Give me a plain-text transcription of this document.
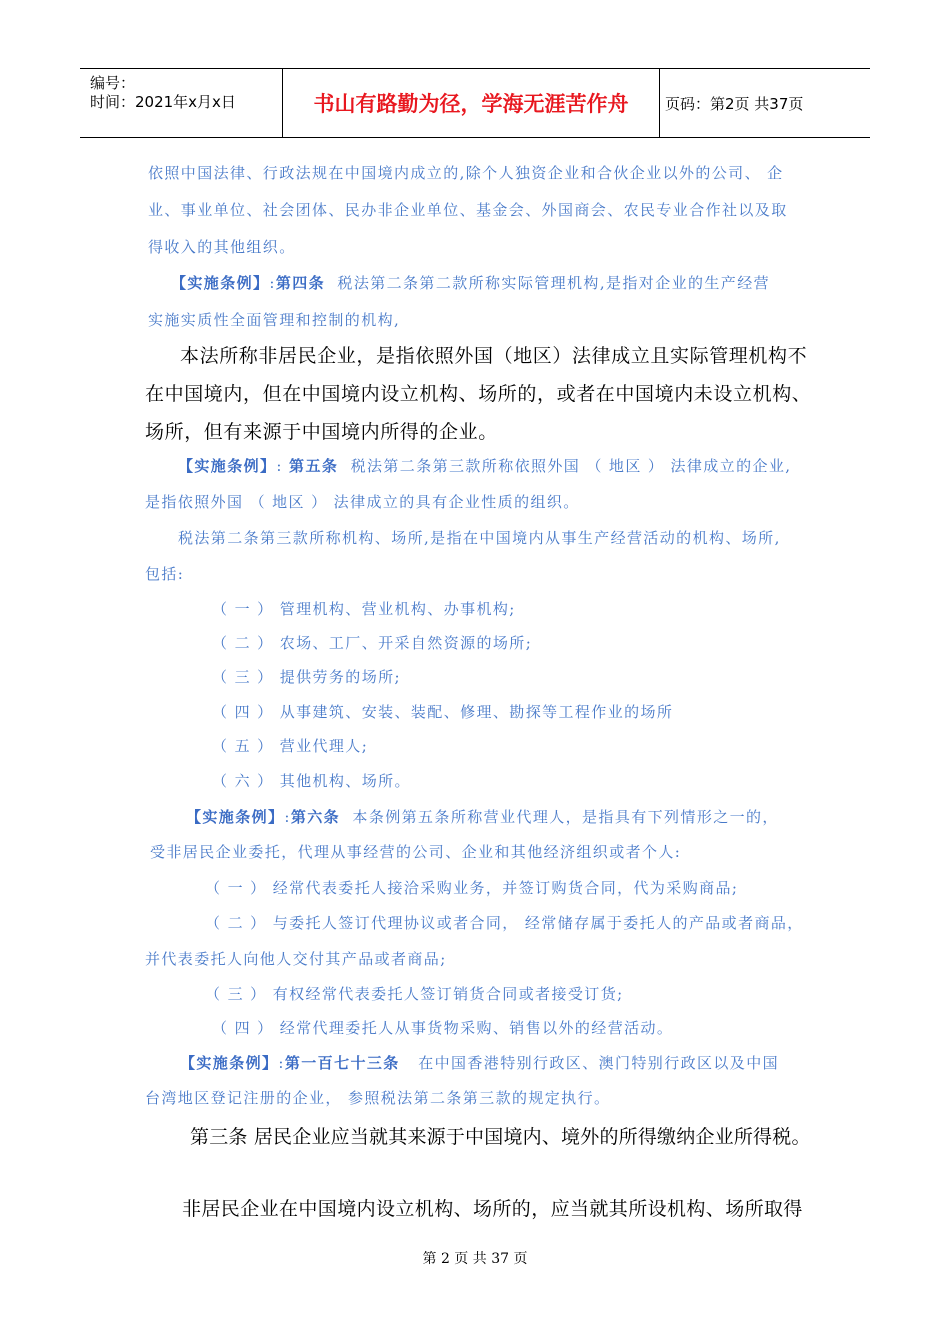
编号：
时间：2021年x月x日	书山有路勤为径，学海无涯苦作舟	页码：第2页 共37页
依照中国法律、行政法规在中国境内成立的,除个人独资企业和合伙企业以外的公司、 企
业、事业单位、社会团体、民办非企业单位、基金会、外国商会、农民专业合作社以及取
得收入的其他组织。
【实施条例】:第四条 税法第二条第二款所称实际管理机构,是指对企业的生产经营
实施实质性全面管理和控制的机构,
本法所称非居民企业，是指依照外国（地区）法律成立且实际管理机构不
在中国境内，但在中国境内设立机构、场所的，或者在中国境内未设立机构、
场所，但有来源于中国境内所得的企业。
【实施条例】: 第五条 税法第二条第三款所称依照外国 （ 地区 ） 法律成立的企业,
是指依照外国 （ 地区 ） 法律成立的具有企业性质的组织。
税法第二条第三款所称机构、场所,是指在中国境内从事生产经营活动的机构、场所,
包括:
（ 一 ） 管理机构、营业机构、办事机构;
（ 二 ） 农场、工厂、开采自然资源的场所;
（ 三 ） 提供劳务的场所;
（ 四 ） 从事建筑、安装、装配、修理、勘探等工程作业的场所
（ 五 ） 营业代理人;
（ 六 ） 其他机构、场所。
【实施条例】:第六条 本条例第五条所称营业代理人，是指具有下列情形之一的，
受非居民企业委托，代理从事经营的公司、企业和其他经济组织或者个人:
（ 一 ） 经常代表委托人接洽采购业务，并签订购货合同，代为采购商品;
（ 二 ） 与委托人签订代理协议或者合同， 经常储存属于委托人的产品或者商品，
并代表委托人向他人交付其产品或者商品;
（ 三 ） 有权经常代表委托人签订销货合同或者接受订货;
（ 四 ） 经常代理委托人从事货物采购、销售以外的经营活动。
【实施条例】:第一百七十三条 在中国香港特别行政区、澳门特别行政区以及中国
台湾地区登记注册的企业， 参照税法第二条第三款的规定执行。
第三条 居民企业应当就其来源于中国境内、境外的所得缴纳企业所得税。
非居民企业在中国境内设立机构、场所的，应当就其所设机构、场所取得
第 2 页 共 37 页
